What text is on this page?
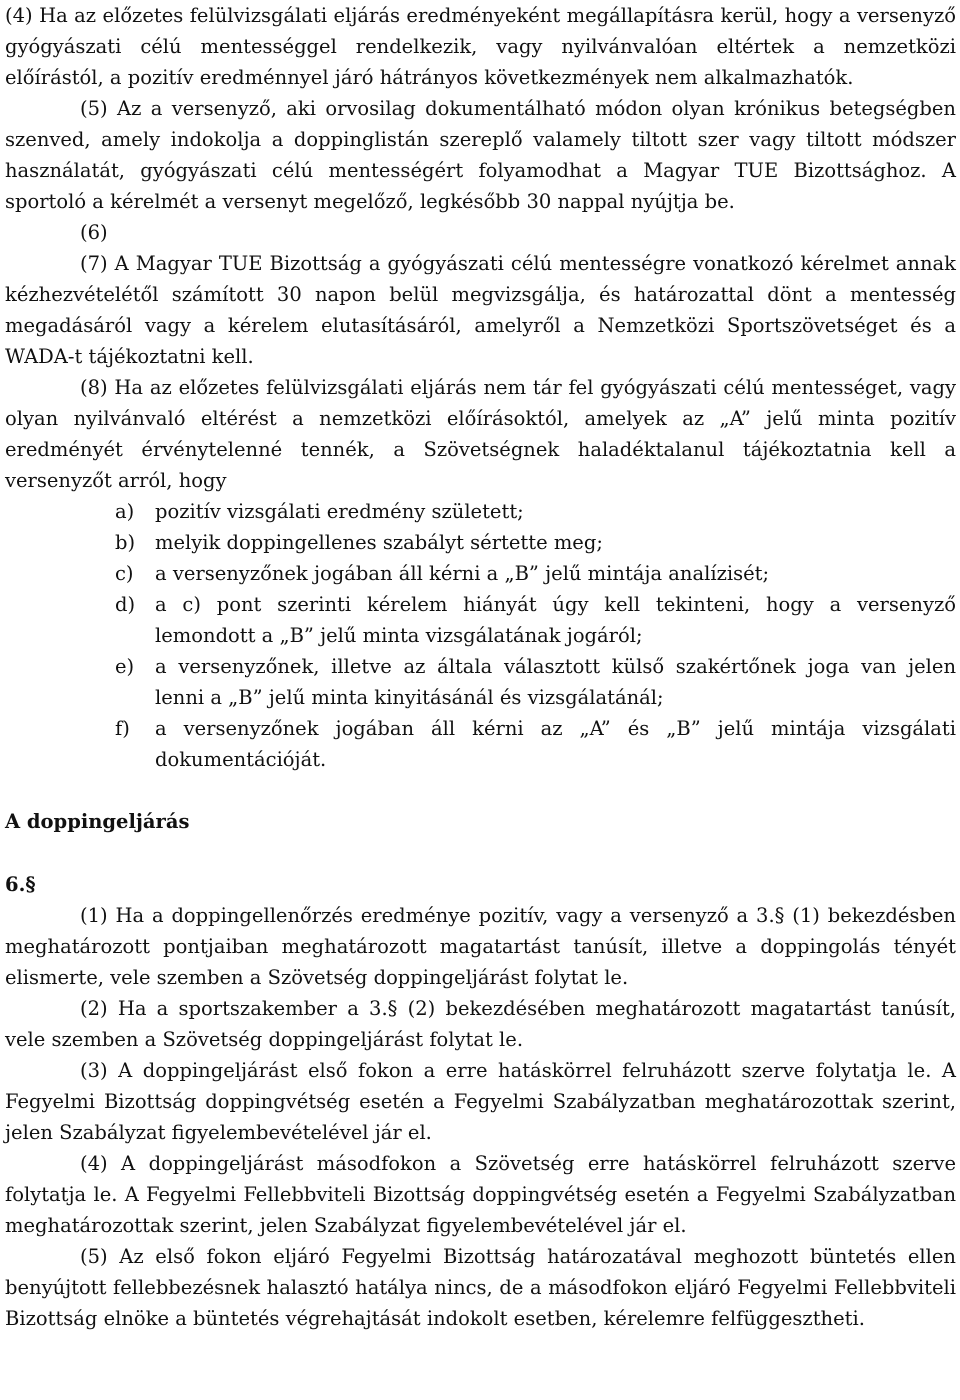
(4) Ha az előzetes felülvizsgálati eljárás eredményeként megállapításra kerül, hogy a versenyző gyógyászati célú mentességgel rendelkezik, vagy nyilvánvalóan eltértek a nemzetközi előírástól, a pozitív eredménnyel járó hátrányos következmények nem alkalmazhatók.

(5) Az a versenyző, aki orvosilag dokumentálható módon olyan krónikus betegségben szenved, amely indokolja a doppinglistán szereplő valamely tiltott szer vagy tiltott módszer használatát, gyógyászati célú mentességért folyamodhat a Magyar TUE Bizottsághoz. A sportoló a kérelmét a versenyt megelőző, legkésőbb 30 nappal nyújtja be.

(6)

(7) A Magyar TUE Bizottság a gyógyászati célú mentességre vonatkozó kérelmet annak kézhezvételétől számított 30 napon belül megvizsgálja, és határozattal dönt a mentesség megadásáról vagy a kérelem elutasításáról, amelyről a Nemzetközi Sportszövetséget és a WADA-t tájékoztatni kell.

(8) Ha az előzetes felülvizsgálati eljárás nem tár fel gyógyászati célú mentességet, vagy olyan nyilvánvaló eltérést a nemzetközi előírásoktól, amelyek az „A” jelű minta pozitív eredményét érvénytelenné tennék, a Szövetségnek haladéktalanul tájékoztatnia kell a versenyzőt arról, hogy

a) pozitív vizsgálati eredmény született;
b) melyik doppingellenes szabályt sértette meg;
c) a versenyzőnek jogában áll kérni a „B” jelű mintája analízisét;
d) a c) pont szerinti kérelem hiányát úgy kell tekinteni, hogy a versenyző lemondott a „B” jelű minta vizsgálatának jogáról;
e) a versenyzőnek, illetve az általa választott külső szakértőnek joga van jelen lenni a „B” jelű minta kinyitásánál és vizsgálatánál;
f) a versenyzőnek jogában áll kérni az „A” és „B” jelű mintája vizsgálati dokumentációját.

A doppingeljárás

6.§

(1) Ha a doppingellenőrzés eredménye pozitív, vagy a versenyző a 3.§ (1) bekezdésben meghatározott pontjaiban meghatározott magatartást tanúsít, illetve a doppingolás tényét elismerte, vele szemben a Szövetség doppingeljárást folytat le.

(2) Ha a sportszakember a 3.§ (2) bekezdésében meghatározott magatartást tanúsít, vele szemben a Szövetség doppingeljárást folytat le.

(3) A doppingeljárást első fokon a erre hatáskörrel felruházott szerve folytatja le. A Fegyelmi Bizottság doppingvétség esetén a Fegyelmi Szabályzatban meghatározottak szerint, jelen Szabályzat figyelembevételével jár el.

(4) A doppingeljárást másodfokon a Szövetség erre hatáskörrel felruházott szerve folytatja le. A Fegyelmi Fellebbviteli Bizottság doppingvétség esetén a Fegyelmi Szabályzatban meghatározottak szerint, jelen Szabályzat figyelembevételével jár el.

(5) Az első fokon eljáró Fegyelmi Bizottság határozatával meghozott büntetés ellen benyújtott fellebbezésnek halasztó hatálya nincs, de a másodfokon eljáró Fegyelmi Fellebbviteli Bizottság elnöke a büntetés végrehajtását indokolt esetben, kérelemre felfüggesztheti.
